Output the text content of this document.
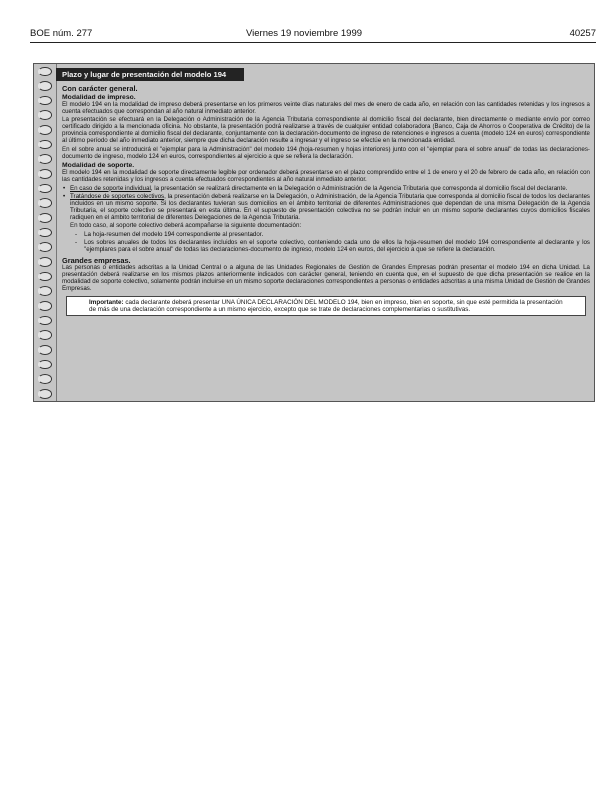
BOE núm. 277	Viernes 19 noviembre 1999	40257
Plazo y lugar de presentación del modelo 194
Con carácter general.
Modalidad de impreso.

El modelo 194 en la modalidad de impreso deberá presentarse en los primeros veinte días naturales del mes de enero de cada año, en relación con las cantidades retenidas y los ingresos a cuenta efectuados que correspondan al año natural inmediato anterior.

La presentación se efectuará en la Delegación o Administración de la Agencia Tributaria correspondiente al domicilio fiscal del declarante, bien directamente o mediante envío por correo certificado dirigido a la mencionada oficina. No obstante, la presentación podrá realizarse a través de cualquier entidad colaboradora (Banco, Caja de Ahorros o Cooperativa de Crédito) de la provincia correspondiente al domicilio fiscal del declarante, conjuntamente con la declaración-documento de ingreso de retenciones e ingresos a cuenta (modelo 124 en euros) correspondiente al último período del año inmediato anterior, siempre que dicha declaración resulte a ingresar y el ingreso se efectúe en la mencionada entidad.

En el sobre anual se introducirá el "ejemplar para la Administración" del modelo 194 (hoja-resumen y hojas interiores) junto con el "ejemplar para el sobre anual" de todas las declaraciones-documento de ingreso, modelo 124 en euros, correspondientes al ejercicio a que se refiera la declaración.

Modalidad de soporte.

El modelo 194 en la modalidad de soporte directamente legible por ordenador deberá presentarse en el plazo comprendido entre el 1 de enero y el 20 de febrero de cada año, en relación con las cantidades retenidas y los ingresos a cuenta efectuados correspondientes al año natural inmediato anterior.

• En caso de soporte individual, la presentación se realizará directamente en la Delegación o Administración de la Agencia Tributaria que corresponda al domicilio fiscal del declarante.

• Tratándose de soportes colectivos, la presentación deberá realizarse en la Delegación, o Administración, de la Agencia Tributaria que corresponda al domicilio fiscal de todos los declarantes incluidos en un mismo soporte. Si los declarantes tuvieran sus domicilios en el ámbito territorial de diferentes Administraciones que dependan de una misma Delegación de la Agencia Tributaria, el soporte colectivo se presentará en esta última. En el supuesto de presentación colectiva no se podrán incluir en un mismo soporte declarantes cuyos domicilios fiscales radiquen en el ámbito territorial de diferentes Delegaciones de la Agencia Tributaria.

En todo caso, al soporte colectivo deberá acompañarse la siguiente documentación:

- La hoja-resumen del modelo 194 correspondiente al presentador.

- Los sobres anuales de todos los declarantes incluidos en el soporte colectivo, conteniendo cada uno de ellos la hoja-resumen del modelo 194 correspondiente al declarante y los "ejemplares para el sobre anual" de todas las declaraciones-documento de ingreso, modelo 124 en euros, del ejercicio a que se refiere la declaración.

Grandes empresas.

Las personas o entidades adscritas a la Unidad Central o a alguna de las Unidades Regionales de Gestión de Grandes Empresas podrán presentar el modelo 194 en dicha Unidad. La presentación deberá realizarse en los mismos plazos anteriormente indicados con carácter general, teniendo en cuenta que, en el supuesto de que dicha presentación se realice en la modalidad de soporte colectivo, solamente podrán incluirse en un mismo soporte declaraciones correspondientes a personas o entidades adscritas a una misma Unidad de Gestión de Grandes Empresas.

Importante: cada declarante deberá presentar UNA ÚNICA DECLARACIÓN DEL MODELO 194, bien en impreso, bien en soporte, sin que esté permitida la presentación de más de una declaración correspondiente a un mismo ejercicio, excepto que se trate de declaraciones complementarias o sustitutivas.
